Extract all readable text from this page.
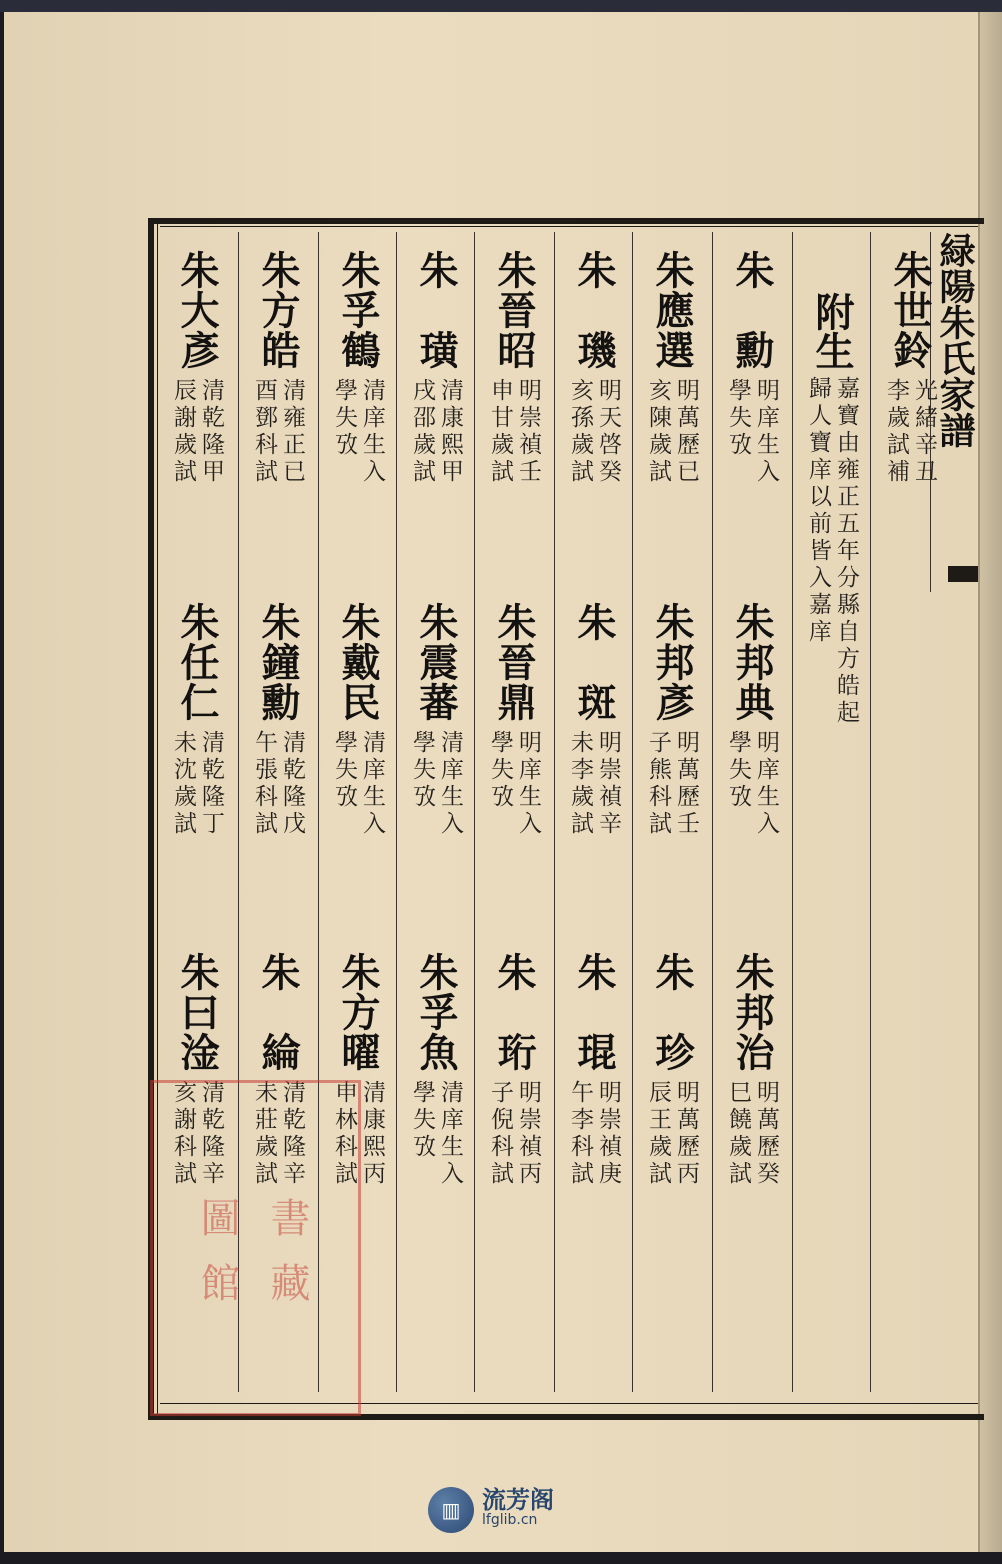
緑陽朱氏家譜
朱世鈴
光緒辛丑
李歲試補
附生
嘉寶由雍正五年分縣自方皓起
歸人寶庠以前皆入嘉庠
朱大彥
清乾隆甲
辰謝歲試
朱任仁
清乾隆丁
未沈歲試
朱曰淦
清乾隆辛
亥謝科試
朱方皓
清雍正已
酉鄧科試
朱鐘勳
清乾隆戊
午張科試
朱　綸
清乾隆辛
未莊歲試
朱孚鶴
清庠生入
學失攷
朱戴民
清庠生入
學失攷
朱方曜
清康熙丙
申林科試
朱　璜
清康熙甲
戌邵歲試
朱震蕃
清庠生入
學失攷
朱孚魚
清庠生入
學失攷
朱晉昭
明崇禎壬
申甘歲試
朱晉鼎
明庠生入
學失攷
朱　珩
明崇禎丙
子倪科試
朱　璣
明天啓癸
亥孫歲試
朱　斑
明崇禎辛
未李歲試
朱　琨
明崇禎庚
午李科試
朱應選
明萬歷已
亥陳歲試
朱邦彥
明萬歷壬
子熊科試
朱　珍
明萬歷丙
辰王歲試
朱　勳
明庠生入
學失攷
朱邦典
明庠生入
學失攷
朱邦治
明萬歷癸
巳饒歲試
圖 書
館 藏
▥ 流芳阁
lfglib.cn
